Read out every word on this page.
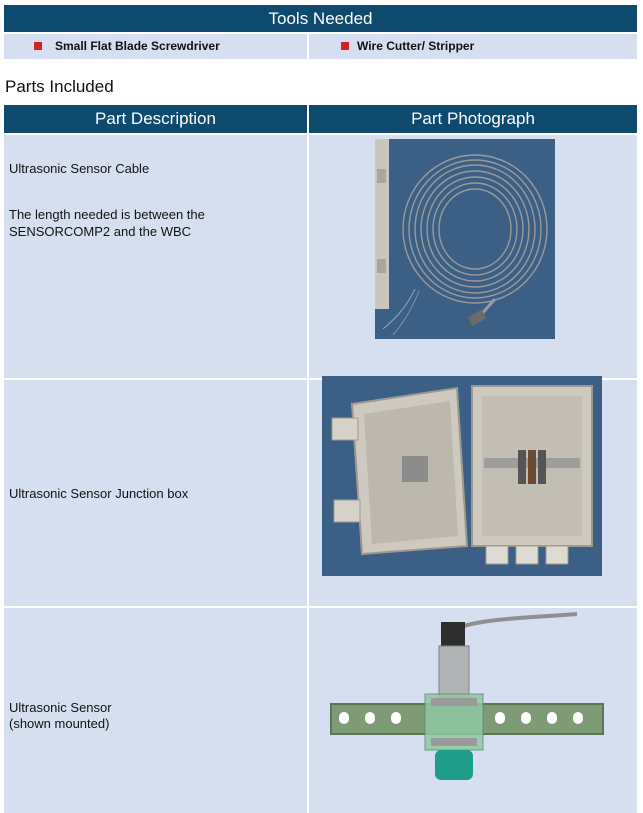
Tools Needed
Small Flat Blade Screwdriver	Wire Cutter/ Stripper
Parts Included
Part Description	Part Photograph

Ultrasonic Sensor Cable

The length needed is between the

SENSORCOMP2 and the WBC

Ultrasonic Sensor Junction box

Ultrasonic Sensor

(shown mounted)
